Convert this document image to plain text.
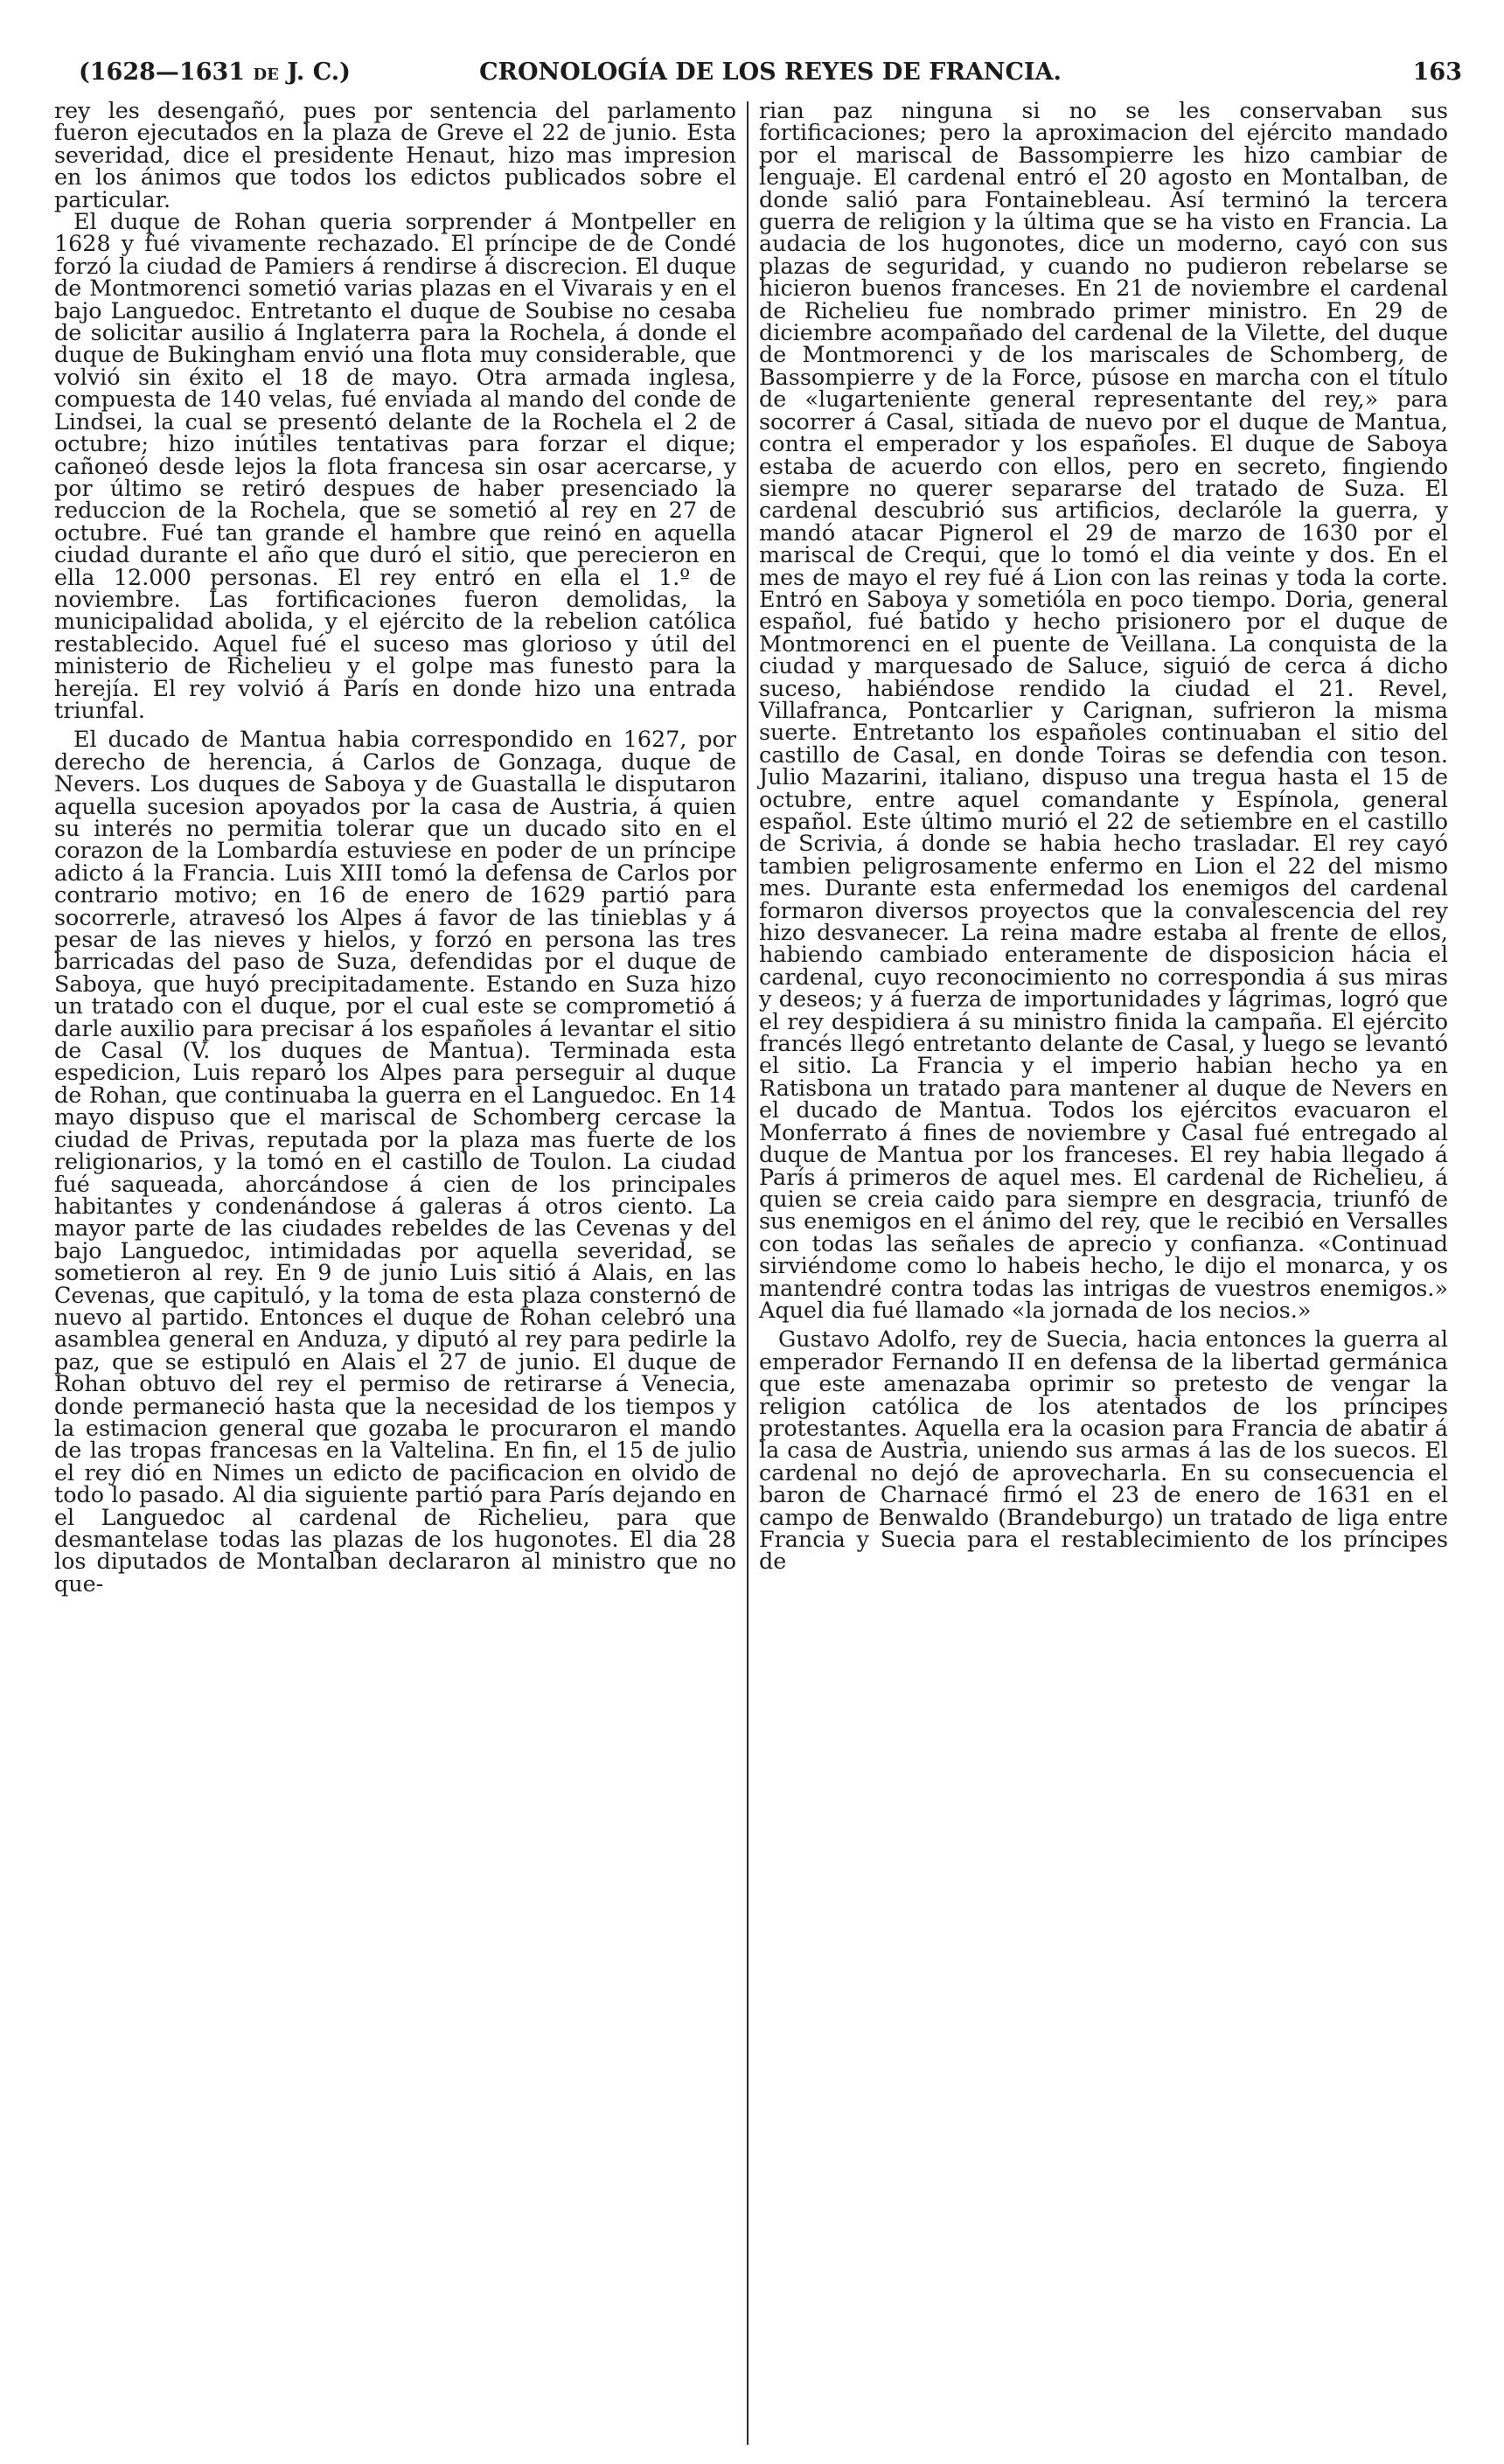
(1628—1631 DE J. C.)	CRONOLOGÍA DE LOS REYES DE FRANCIA.	163

rey les desengañó, pues por sentencia del parlamento fueron ejecutados en la plaza de Greve el 22 de junio. Esta severidad, dice el presidente Henaut, hizo mas impresion en los ánimos que todos los edictos publicados sobre el particular.

El duque de Rohan queria sorprender á Montpeller en 1628 y fué vivamente rechazado. El príncipe de de Condé forzó la ciudad de Pamiers á rendirse á discrecion. El duque de Montmorenci sometió varias plazas en el Vivarais y en el bajo Languedoc. Entretanto el duque de Soubise no cesaba de solicitar ausilio á Inglaterra para la Rochela, á donde el duque de Bukingham envió una flota muy considerable, que volvió sin éxito el 18 de mayo. Otra armada inglesa, compuesta de 140 velas, fué enviada al mando del conde de Lindsei, la cual se presentó delante de la Rochela el 2 de octubre; hizo inútiles tentativas para forzar el dique; cañoneó desde lejos la flota francesa sin osar acercarse, y por último se retiró despues de haber presenciado la reduccion de la Rochela, que se sometió al rey en 27 de octubre. Fué tan grande el hambre que reinó en aquella ciudad durante el año que duró el sitio, que perecieron en ella 12.000 personas. El rey entró en ella el 1.º de noviembre. Las fortificaciones fueron demolidas, la municipalidad abolida, y el ejército de la rebelion católica restablecido. Aquel fué el suceso mas glorioso y útil del ministerio de Richelieu y el golpe mas funesto para la herejía. El rey volvió á París en donde hizo una entrada triunfal.

El ducado de Mantua habia correspondido en 1627, por derecho de herencia, á Carlos de Gonzaga, duque de Nevers. Los duques de Saboya y de Guastalla le disputaron aquella sucesion apoyados por la casa de Austria, á quien su interés no permitia tolerar que un ducado sito en el corazon de la Lombardía estuviese en poder de un príncipe adicto á la Francia. Luis XIII tomó la defensa de Carlos por contrario motivo; en 16 de enero de 1629 partió para socorrerle, atravesó los Alpes á favor de las tinieblas y á pesar de las nieves y hielos, y forzó en persona las tres barricadas del paso de Suza, defendidas por el duque de Saboya, que huyó precipitadamente. Estando en Suza hizo un tratado con el duque, por el cual este se comprometió á darle auxilio para precisar á los españoles á levantar el sitio de Casal (V. los duques de Mantua). Terminada esta espedicion, Luis reparó los Alpes para perseguir al duque de Rohan, que continuaba la guerra en el Languedoc. En 14 mayo dispuso que el mariscal de Schomberg cercase la ciudad de Privas, reputada por la plaza mas fuerte de los religionarios, y la tomó en el castillo de Toulon. La ciudad fué saqueada, ahorcándose á cien de los principales habitantes y condenándose á galeras á otros ciento. La mayor parte de las ciudades rebeldes de las Cevenas y del bajo Languedoc, intimidadas por aquella severidad, se sometieron al rey. En 9 de junio Luis sitió á Alais, en las Cevenas, que capituló, y la toma de esta plaza consternó de nuevo al partido. Entonces el duque de Rohan celebró una asamblea general en Anduza, y diputó al rey para pedirle la paz, que se estipuló en Alais el 27 de junio. El duque de Rohan obtuvo del rey el permiso de retirarse á Venecia, donde permaneció hasta que la necesidad de los tiempos y la estimacion general que gozaba le procuraron el mando de las tropas francesas en la Valtelina. En fin, el 15 de julio el rey dió en Nimes un edicto de pacificacion en olvido de todo lo pasado. Al dia siguiente partió para París dejando en el Languedoc al cardenal de Richelieu, para que desmantelase todas las plazas de los hugonotes. El dia 28 los diputados de Montalban declararon al ministro que no que-

rian paz ninguna si no se les conservaban sus fortificaciones; pero la aproximacion del ejército mandado por el mariscal de Bassompierre les hizo cambiar de lenguaje. El cardenal entró el 20 agosto en Montalban, de donde salió para Fontainebleau. Así terminó la tercera guerra de religion y la última que se ha visto en Francia. La audacia de los hugonotes, dice un moderno, cayó con sus plazas de seguridad, y cuando no pudieron rebelarse se hicieron buenos franceses. En 21 de noviembre el cardenal de Richelieu fue nombrado primer ministro. En 29 de diciembre acompañado del cardenal de la Vilette, del duque de Montmorenci y de los mariscales de Schomberg, de Bassompierre y de la Force, púsose en marcha con el título de «lugarteniente general representante del rey,» para socorrer á Casal, sitiada de nuevo por el duque de Mantua, contra el emperador y los españoles. El duque de Saboya estaba de acuerdo con ellos, pero en secreto, fingiendo siempre no querer separarse del tratado de Suza. El cardenal descubrió sus artificios, declaróle la guerra, y mandó atacar Pignerol el 29 de marzo de 1630 por el mariscal de Crequi, que lo tomó el dia veinte y dos. En el mes de mayo el rey fué á Lion con las reinas y toda la corte. Entró en Saboya y sometióla en poco tiempo. Doria, general español, fué batido y hecho prisionero por el duque de Montmorenci en el puente de Veillana. La conquista de la ciudad y marquesado de Saluce, siguió de cerca á dicho suceso, habiéndose rendido la ciudad el 21. Revel, Villafranca, Pontcarlier y Carignan, sufrieron la misma suerte. Entretanto los españoles continuaban el sitio del castillo de Casal, en donde Toiras se defendia con teson. Julio Mazarini, italiano, dispuso una tregua hasta el 15 de octubre, entre aquel comandante y Espínola, general español. Este último murió el 22 de setiembre en el castillo de Scrivia, á donde se habia hecho trasladar. El rey cayó tambien peligrosamente enfermo en Lion el 22 del mismo mes. Durante esta enfermedad los enemigos del cardenal formaron diversos proyectos que la convalescencia del rey hizo desvanecer. La reina madre estaba al frente de ellos, habiendo cambiado enteramente de disposicion hácia el cardenal, cuyo reconocimiento no correspondia á sus miras y deseos; y á fuerza de importunidades y lágrimas, logró que el rey despidiera á su ministro finida la campaña. El ejército francés llegó entretanto delante de Casal, y luego se levantó el sitio. La Francia y el imperio habian hecho ya en Ratisbona un tratado para mantener al duque de Nevers en el ducado de Mantua. Todos los ejércitos evacuaron el Monferrato á fines de noviembre y Casal fué entregado al duque de Mantua por los franceses. El rey habia llegado á París á primeros de aquel mes. El cardenal de Richelieu, á quien se creia caido para siempre en desgracia, triunfó de sus enemigos en el ánimo del rey, que le recibió en Versalles con todas las señales de aprecio y confianza. «Continuad sirviéndome como lo habeis hecho, le dijo el monarca, y os mantendré contra todas las intrigas de vuestros enemigos.» Aquel dia fué llamado «la jornada de los necios.»

Gustavo Adolfo, rey de Suecia, hacia entonces la guerra al emperador Fernando II en defensa de la libertad germánica que este amenazaba oprimir so pretesto de vengar la religion católica de los atentados de los príncipes protestantes. Aquella era la ocasion para Francia de abatir á la casa de Austria, uniendo sus armas á las de los suecos. El cardenal no dejó de aprovecharla. En su consecuencia el baron de Charnacé firmó el 23 de enero de 1631 en el campo de Benwaldo (Brandeburgo) un tratado de liga entre Francia y Suecia para el restablecimiento de los príncipes de
